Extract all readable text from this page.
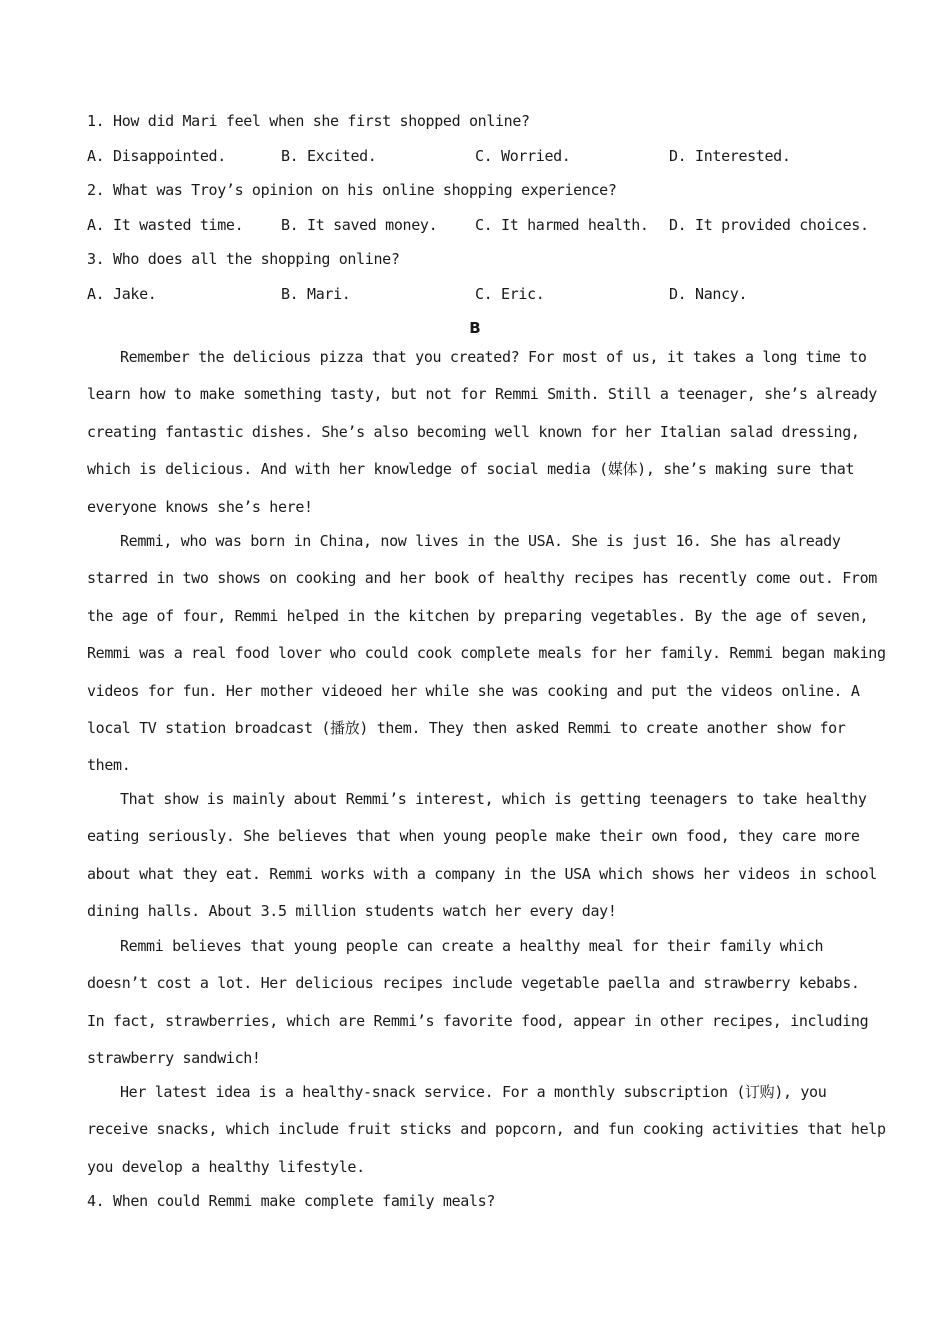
1. How did Mari feel when she first shopped online?
A. Disappointed.	B. Excited.	C. Worried.	D. Interested.
2. What was Troy’s opinion on his online shopping experience?
A. It wasted time.	B. It saved money.	C. It harmed health. D. It provided choices.
3. Who does all the shopping online?
A. Jake.	B. Mari.	C. Eric.	D. Nancy.
B
Remember the delicious pizza that you created? For most of us, it takes a long time to
learn how to make something tasty, but not for Remmi Smith. Still a teenager, she’s already
creating fantastic dishes. She’s also becoming well known for her Italian salad dressing,
which is delicious. And with her knowledge of social media (媒体), she’s making sure that
everyone knows she’s here!
Remmi, who was born in China, now lives in the USA. She is just 16. She has already
starred in two shows on cooking and her book of healthy recipes has recently come out. From
the age of four, Remmi helped in the kitchen by preparing vegetables. By the age of seven,
Remmi was a real food lover who could cook complete meals for her family. Remmi began making
videos for fun. Her mother videoed her while she was cooking and put the videos online. A
local TV station broadcast (播放) them. They then asked Remmi to create another show for
them.
That show is mainly about Remmi’s interest, which is getting teenagers to take healthy
eating seriously. She believes that when young people make their own food, they care more
about what they eat. Remmi works with a company in the USA which shows her videos in school
dining halls. About 3.5 million students watch her every day!
Remmi believes that young people can create a healthy meal for their family which
doesn’t cost a lot. Her delicious recipes include vegetable paella and strawberry kebabs.
In fact, strawberries, which are Remmi’s favorite food, appear in other recipes, including
strawberry sandwich!
Her latest idea is a healthy-snack service. For a monthly subscription (订购), you
receive snacks, which include fruit sticks and popcorn, and fun cooking activities that help
you develop a healthy lifestyle.
4. When could Remmi make complete family meals?
